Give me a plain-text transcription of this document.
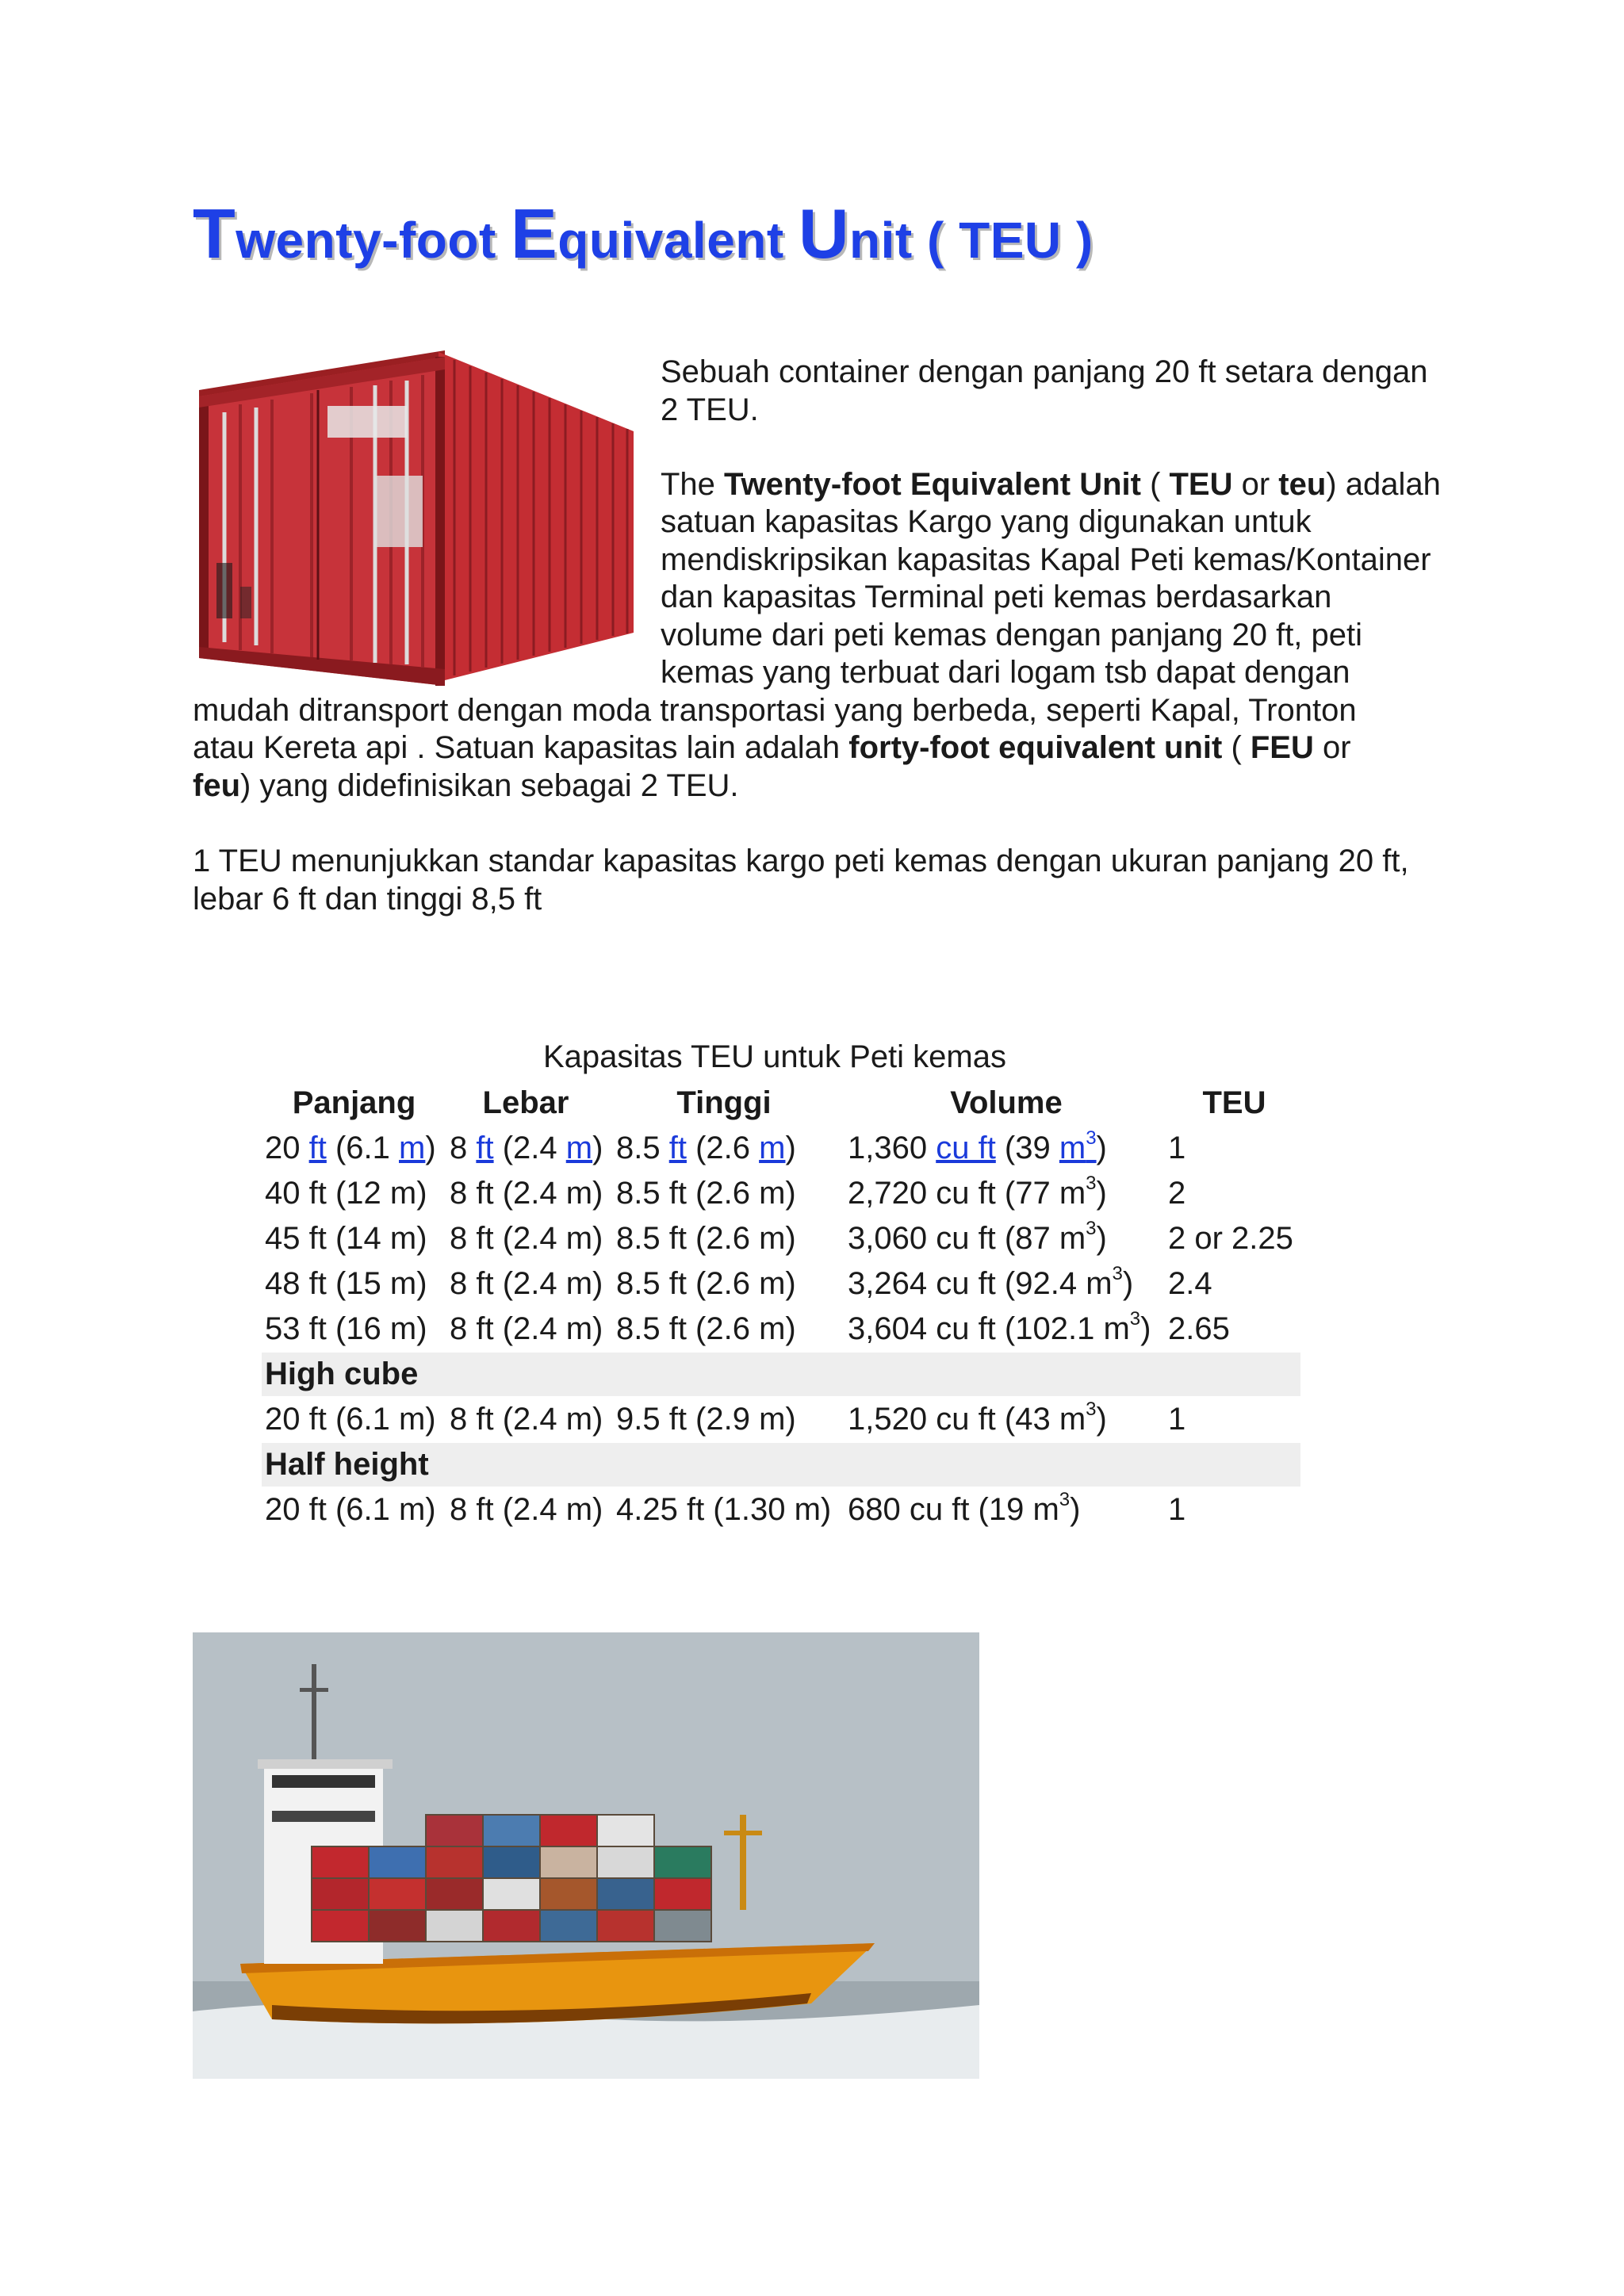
Twenty-foot Equivalent Unit ( TEU )

Sebuah container dengan panjang 20 ft setara dengan
2 TEU.

The Twenty-foot Equivalent Unit ( TEU or teu) adalah

satuan kapasitas Kargo yang digunakan untuk

mendiskripsikan kapasitas Kapal Peti kemas/Kontainer

dan kapasitas Terminal peti kemas berdasarkan

volume dari peti kemas dengan panjang 20 ft, peti

kemas yang terbuat dari logam tsb dapat dengan

mudah ditransport dengan moda transportasi yang berbeda, seperti Kapal, Tronton

atau Kereta api . Satuan kapasitas lain adalah forty-foot equivalent unit ( FEU or

feu) yang didefinisikan sebagai 2 TEU.

1 TEU menunjukkan standar kapasitas kargo peti kemas dengan ukuran panjang 20 ft,
lebar 6 ft dan tinggi 8,5 ft

Kapasitas TEU untuk Peti kemas
Panjang	Lebar	Tinggi	Volume	TEU
20 ft (6.1 m) 8 ft (2.4 m) 8.5 ft (2.6 m) 1,360 cu ft (39 $m^3$) 1
40 ft (12 m) 8 ft (2.4 m) 8.5 ft (2.6 m) 2,720 cu ft (77 $m^3$) 2
45 ft (14 m) 8 ft (2.4 m) 8.5 ft (2.6 m) 3,060 cu ft (87 $m^3$) 2 or 2.25
48 ft (15 m) 8 ft (2.4 m) 8.5 ft (2.6 m) 3,264 cu ft (92.4 $m^3$) 2.4
53 ft (16 m) 8 ft (2.4 m) 8.5 ft (2.6 m) 3,604 cu ft (102.1 $m^3$) 2.65
High cube
20 ft (6.1 m) 8 ft (2.4 m) 9.5 ft (2.9 m) 1,520 cu ft (43 $m^3$) 1
Half height
20 ft (6.1 m) 8 ft (2.4 m) 4.25 ft (1.30 m) 680 cu ft (19 $m^3$)	1
